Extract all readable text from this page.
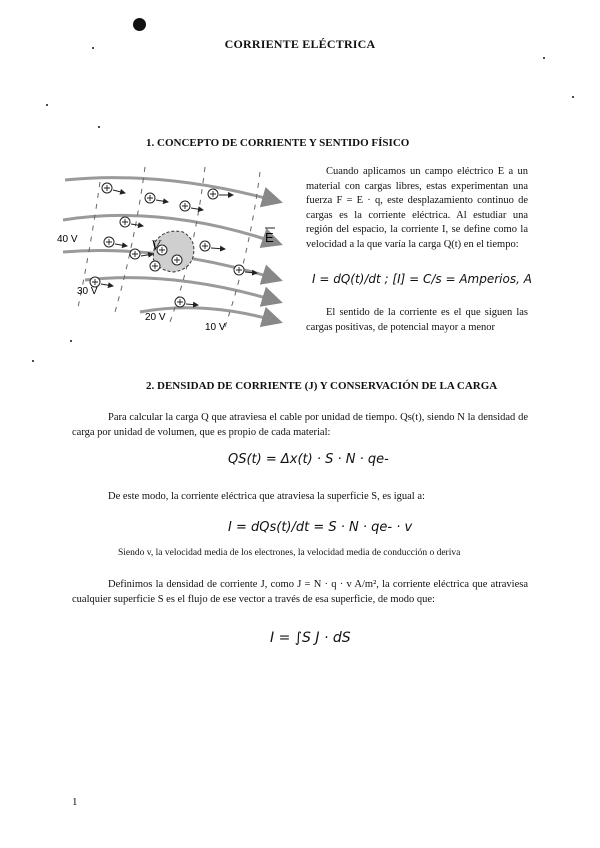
CORRIENTE ELÉCTRICA
1. CONCEPTO DE CORRIENTE Y SENTIDO FÍSICO
V
E
40 V
30 V
20 V
10 V

Cuando aplicamos un campo eléctrico E a un material con cargas libres, estas experimentan una fuerza F = E · q, este desplazamiento continuo de cargas es la corriente eléctrica. Al estudiar una región del espacio, la corriente I, se define como la velocidad a la que varía la carga Q(t) en el tiempo:

I = dQ(t)/dt ; [I] = C/s = Amperios, A

El sentido de la corriente es el que siguen las cargas positivas, de potencial mayor a menor

2. DENSIDAD DE CORRIENTE (J) Y CONSERVACIÓN DE LA CARGA

Para calcular la carga Q que atraviesa el cable por unidad de tiempo. Qs(t), siendo N la densidad de carga por unidad de volumen, que es propio de cada material:

QS(t) = Δx(t) · S · N · qe-

De este modo, la corriente eléctrica que atraviesa la superficie S, es igual a:

I = dQs(t)/dt = S · N · qe- · v
Siendo v, la velocidad media de los electrones, la velocidad media de conducción o deriva

Definimos la densidad de corriente J, como J = N · q · v A/m², la corriente eléctrica que atraviesa cualquier superficie S es el flujo de ese vector a través de esa superficie, de modo que:

I = ∫S J · dS
1
